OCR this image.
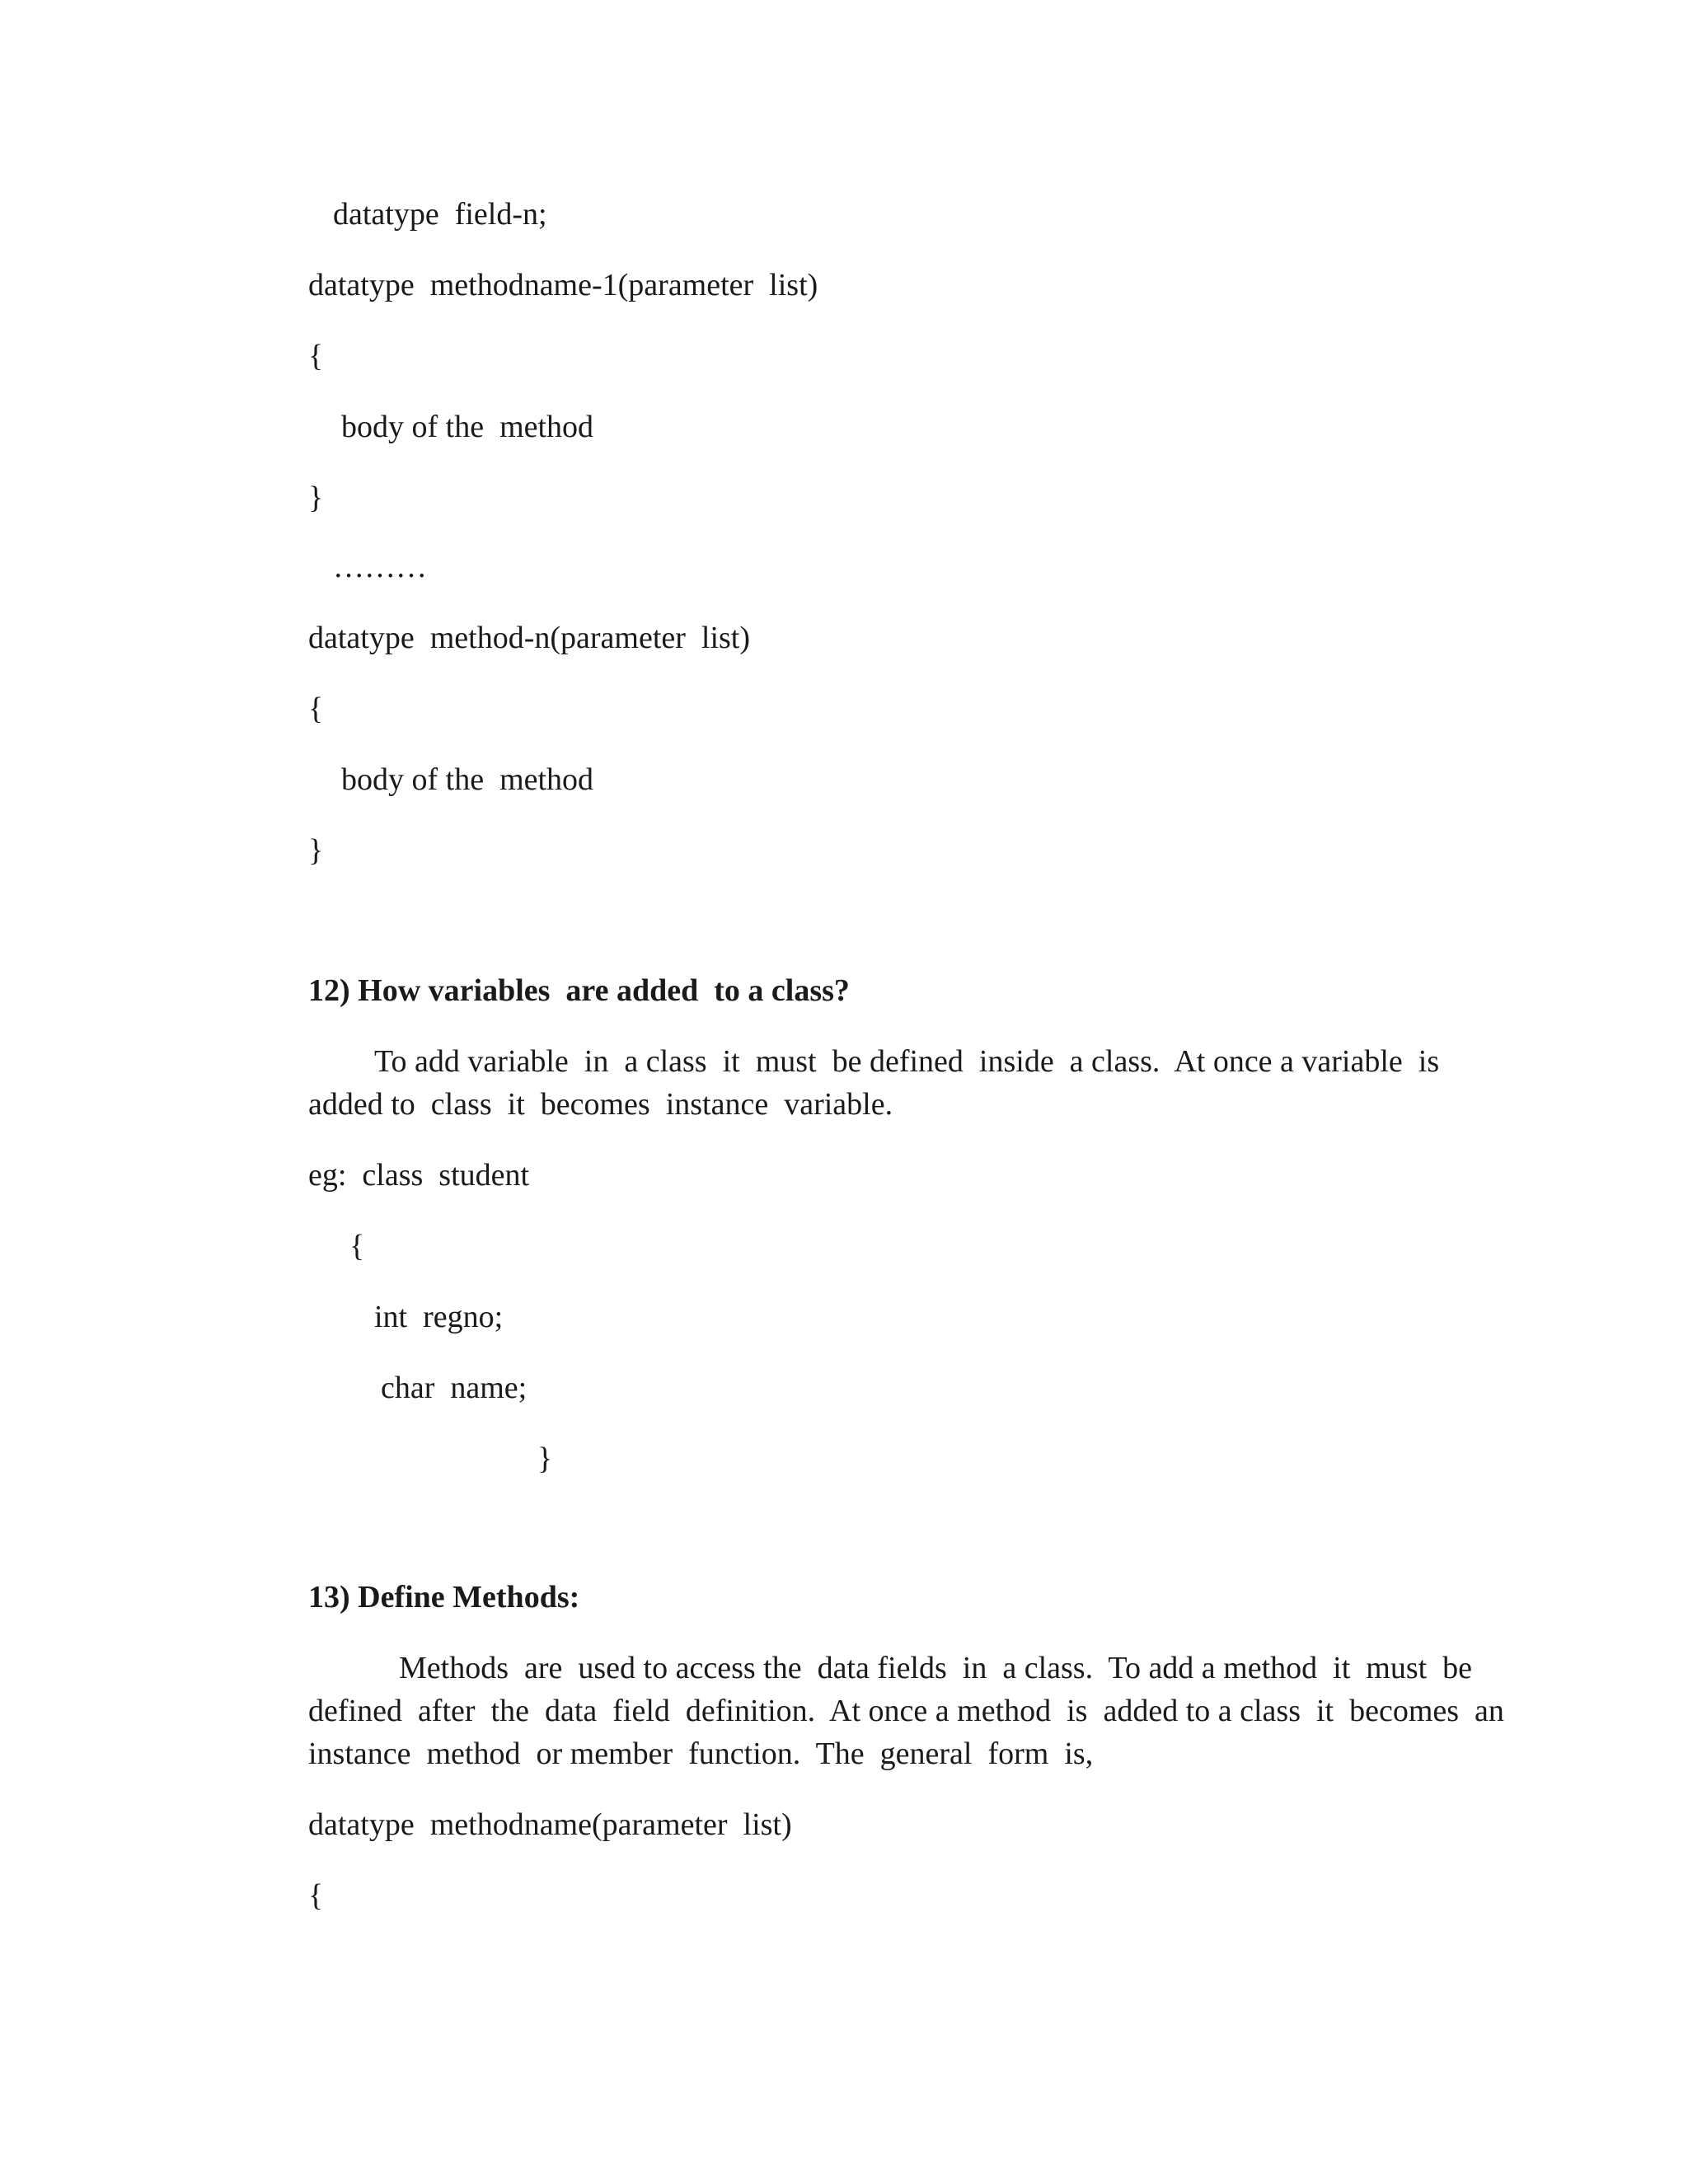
datatype  field-n;
datatype  methodname-1(parameter  list)
{
body of the  method
}
………
datatype  method-n(parameter  list)
{
body of the  method
}
12) How variables  are added  to a class?
To add variable  in  a class  it  must  be defined  inside  a class.  At once a variable  is
added to  class  it  becomes  instance  variable.
eg:  class  student
{
int  regno;
char  name;
}
13) Define Methods:
Methods  are  used to access the  data fields  in  a class.  To add a method  it  must  be
defined  after  the  data  field  definition.  At once a method  is  added to a class  it  becomes  an
instance  method  or member  function.  The  general  form  is,
datatype  methodname(parameter  list)
{
